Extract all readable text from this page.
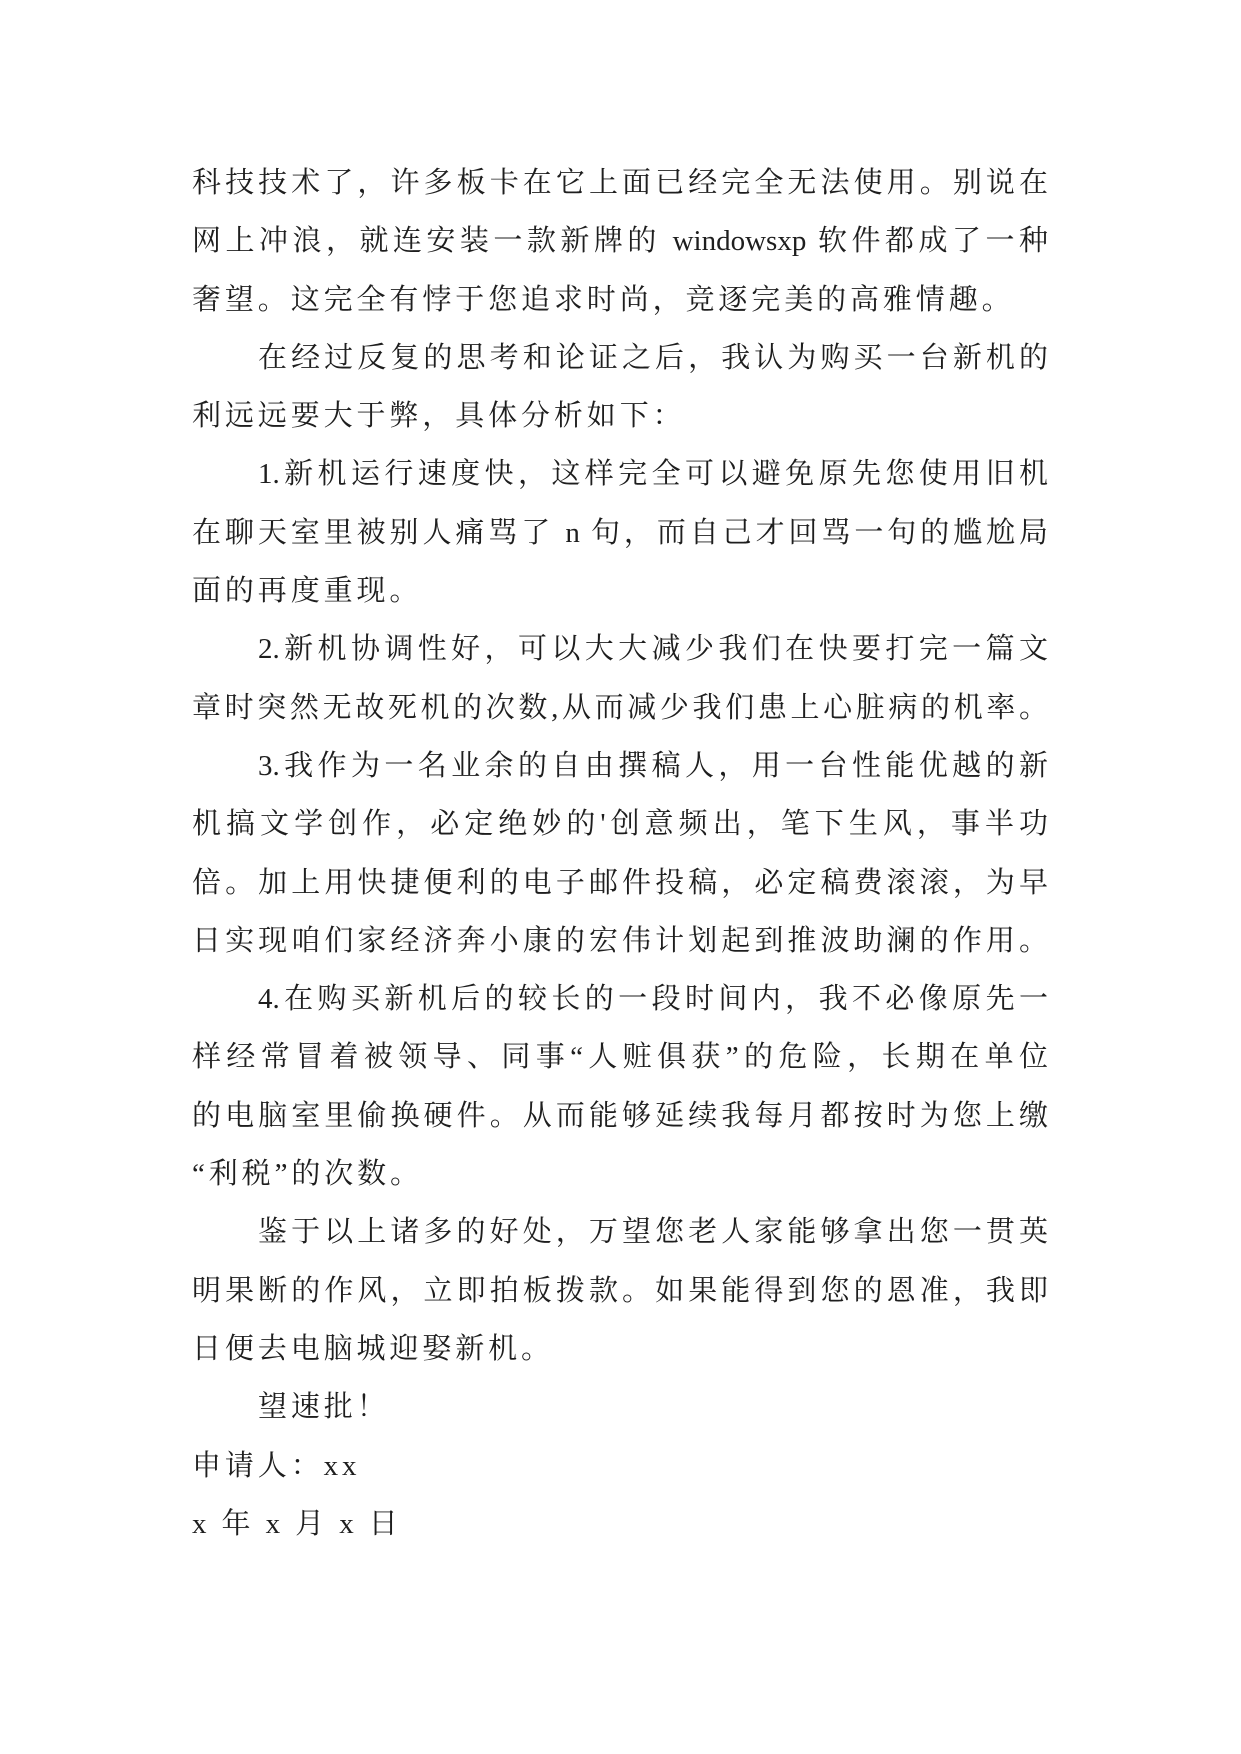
科技技术了，许多板卡在它上面已经完全无法使用。别说在
网上冲浪，就连安装一款新牌的 windowsxp 软件都成了一种
奢望。这完全有悖于您追求时尚，竞逐完美的高雅情趣。
在经过反复的思考和论证之后，我认为购买一台新机的
利远远要大于弊，具体分析如下：
1.新机运行速度快，这样完全可以避免原先您使用旧机
在聊天室里被别人痛骂了 n 句，而自己才回骂一句的尴尬局
面的再度重现。
2.新机协调性好，可以大大减少我们在快要打完一篇文
章时突然无故死机的次数,从而减少我们患上心脏病的机率。
3.我作为一名业余的自由撰稿人，用一台性能优越的新
机搞文学创作，必定绝妙的'创意频出，笔下生风，事半功
倍。加上用快捷便利的电子邮件投稿，必定稿费滚滚，为早
日实现咱们家经济奔小康的宏伟计划起到推波助澜的作用。
4.在购买新机后的较长的一段时间内，我不必像原先一
样经常冒着被领导、同事“人赃俱获”的危险，长期在单位
的电脑室里偷换硬件。从而能够延续我每月都按时为您上缴
“利税”的次数。
鉴于以上诸多的好处，万望您老人家能够拿出您一贯英
明果断的作风，立即拍板拨款。如果能得到您的恩准，我即
日便去电脑城迎娶新机。
望速批！
申请人：xx
x 年 x 月 x 日
